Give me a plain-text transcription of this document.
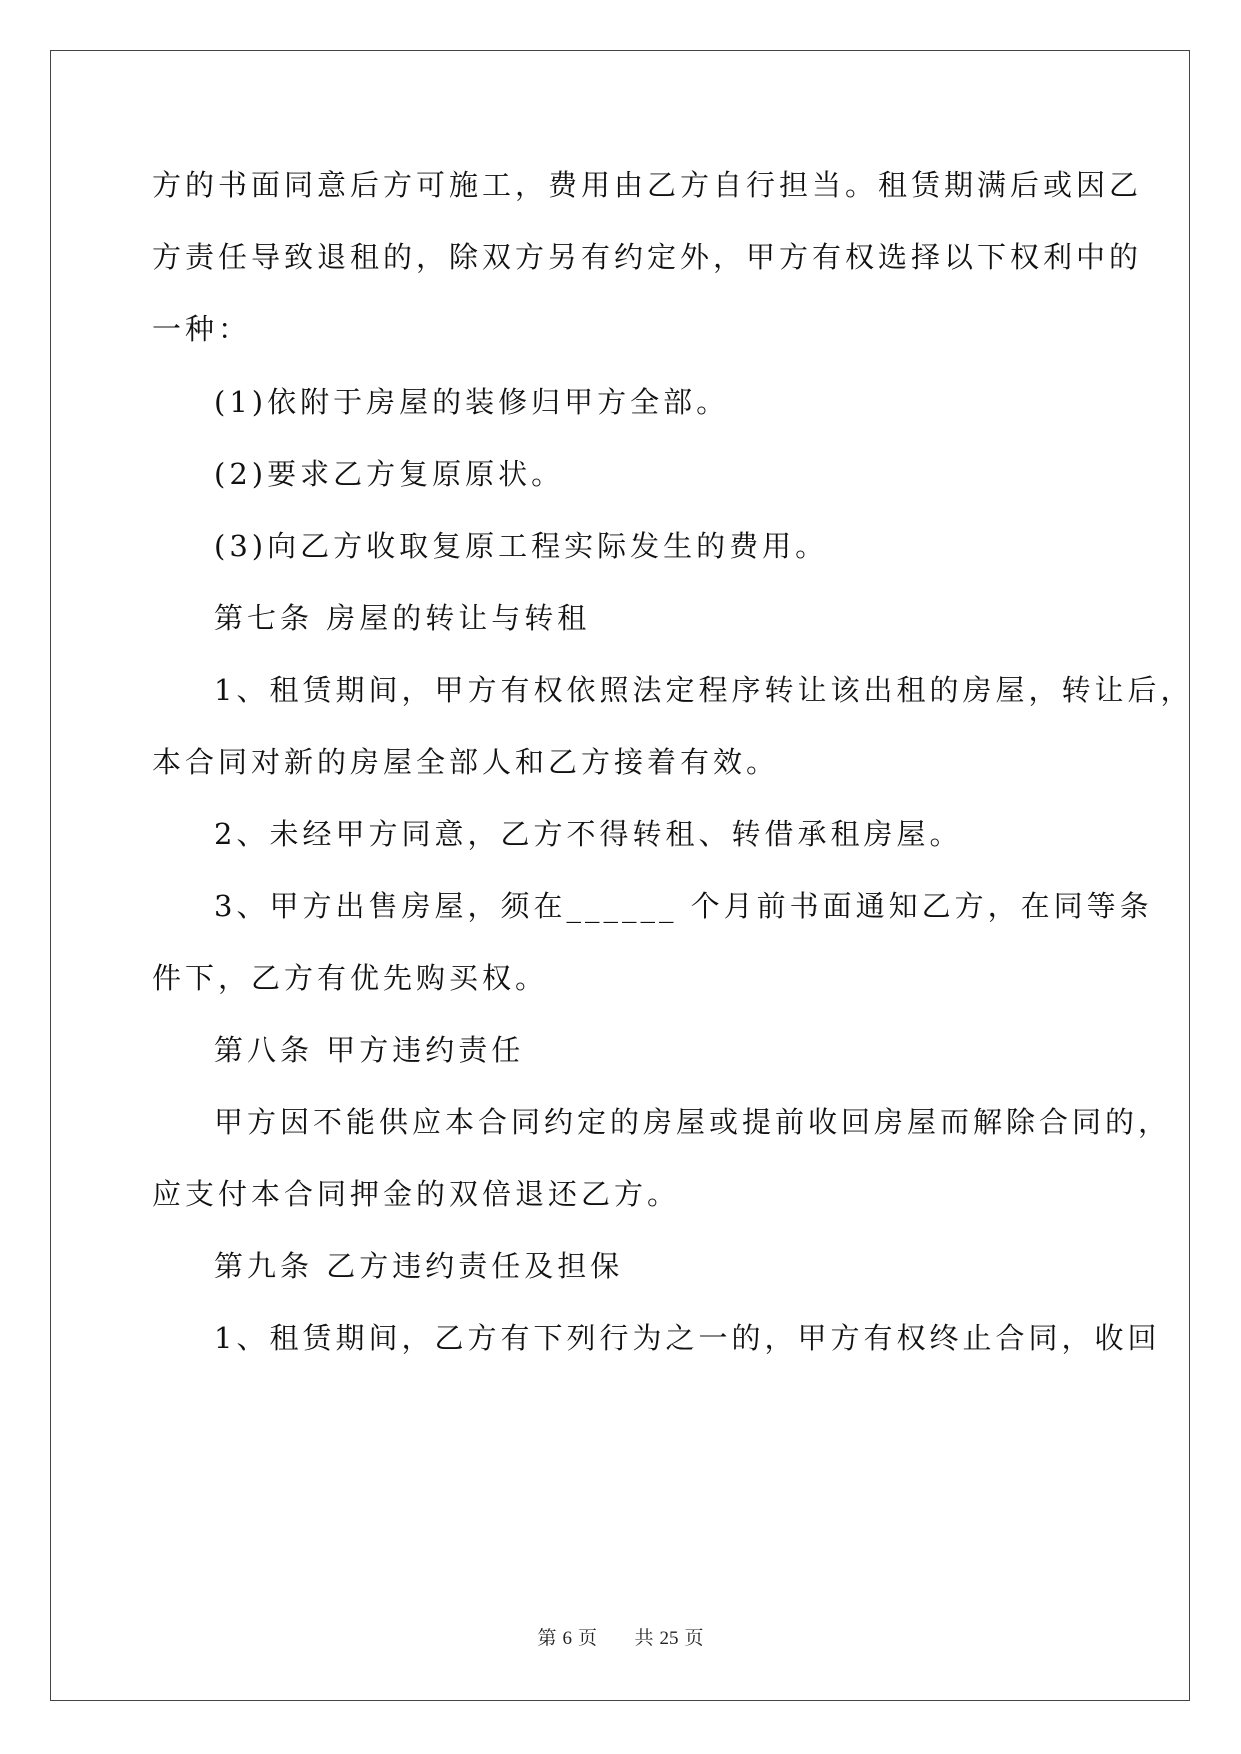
方的书面同意后方可施工，费用由乙方自行担当。租赁期满后或因乙
方责任导致退租的，除双方另有约定外，甲方有权选择以下权利中的
一种：
(1)依附于房屋的装修归甲方全部。
(2)要求乙方复原原状。
(3)向乙方收取复原工程实际发生的费用。
第七条 房屋的转让与转租
1、租赁期间，甲方有权依照法定程序转让该出租的房屋，转让后，
本合同对新的房屋全部人和乙方接着有效。
2、未经甲方同意，乙方不得转租、转借承租房屋。
3、甲方出售房屋，须在______ 个月前书面通知乙方，在同等条
件下，乙方有优先购买权。
第八条 甲方违约责任
甲方因不能供应本合同约定的房屋或提前收回房屋而解除合同的，
应支付本合同押金的双倍退还乙方。
第九条 乙方违约责任及担保
1、租赁期间，乙方有下列行为之一的，甲方有权终止合同，收回
第 6 页 共 25 页
